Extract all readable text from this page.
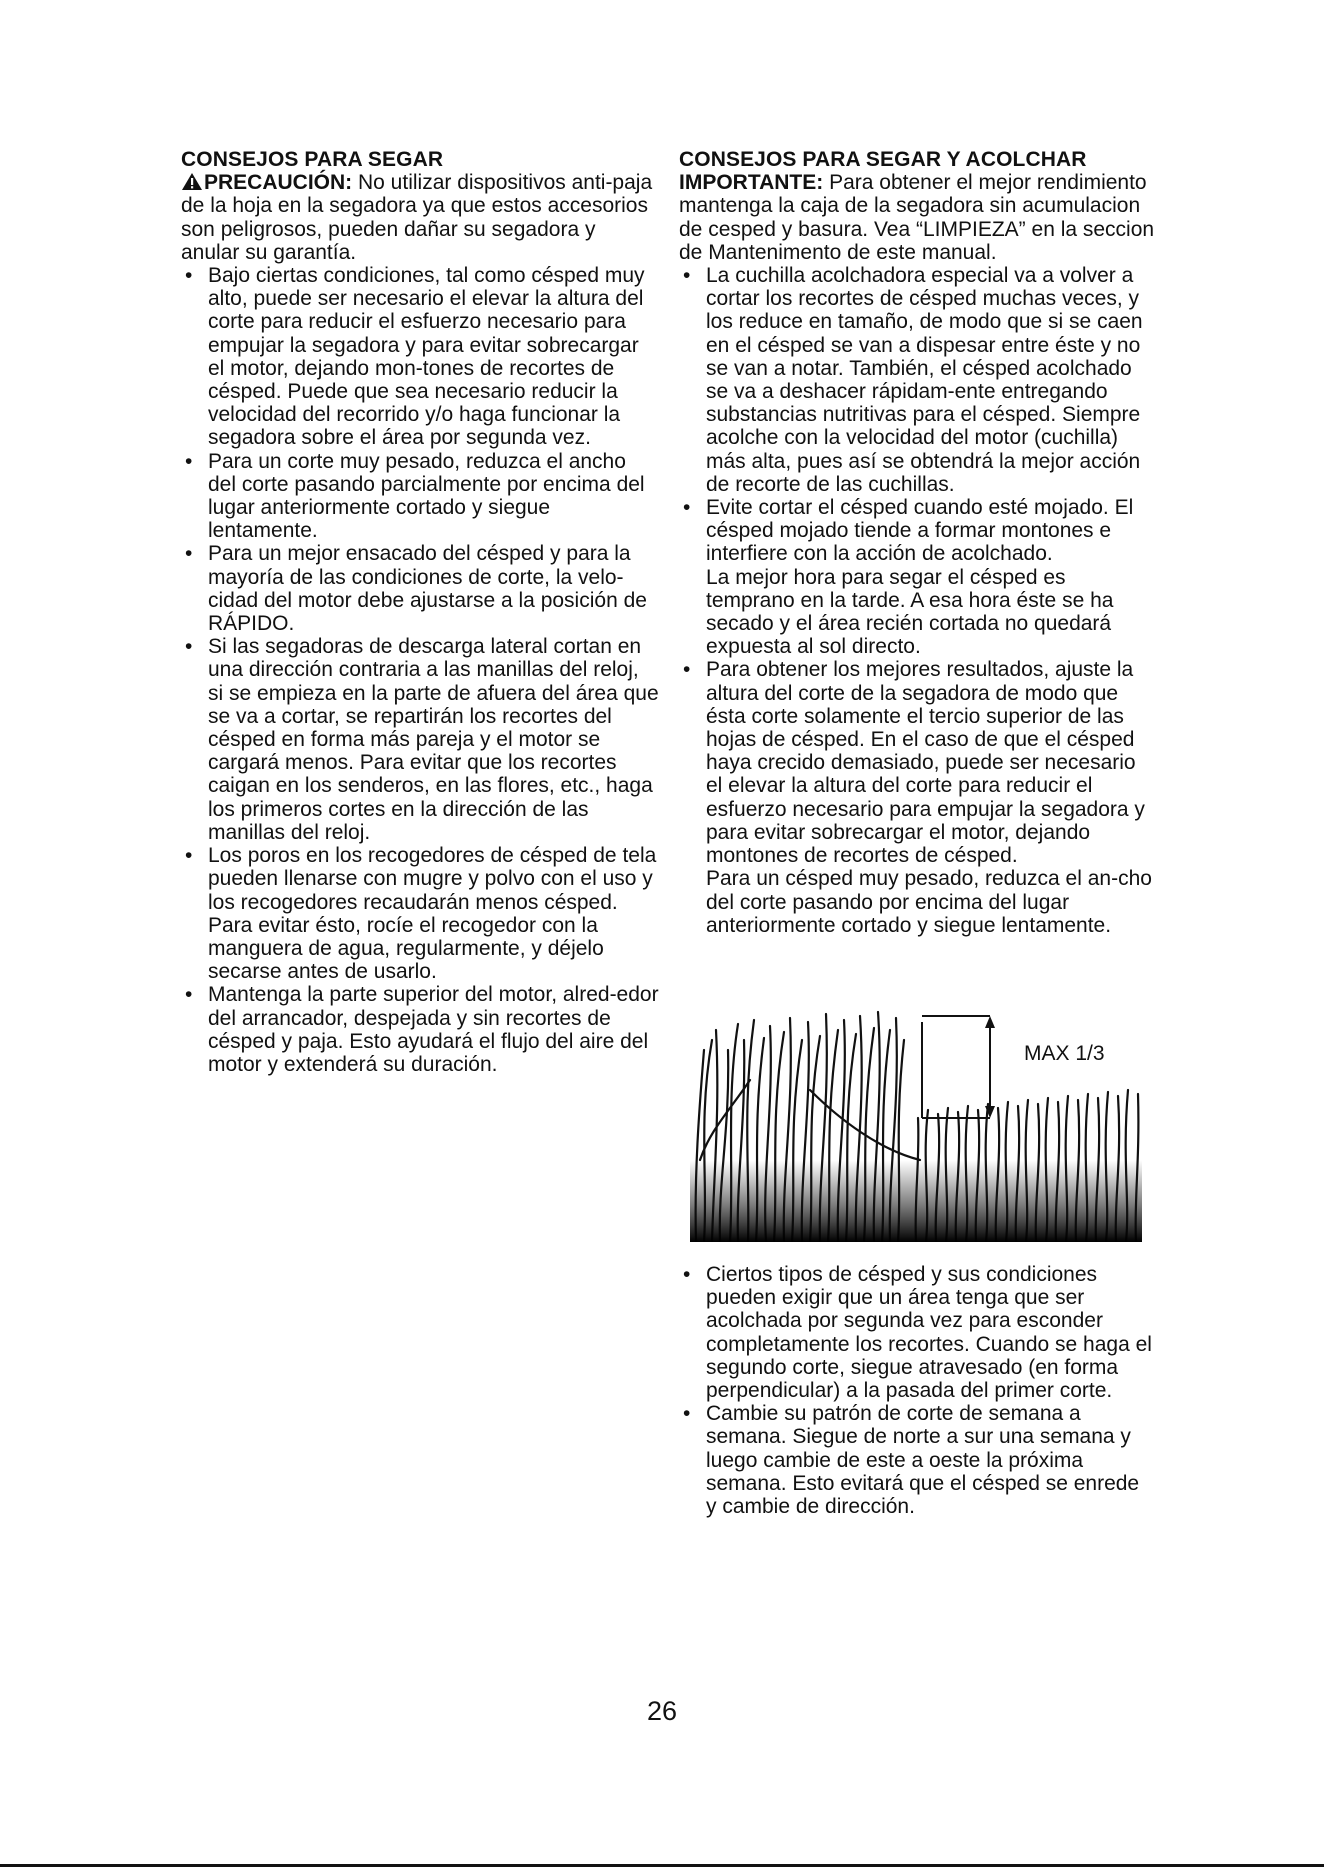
CONSEJOS PARA SEGAR

PRECAUCIÓN: No utilizar dispositivos anti-paja de la hoja en la segadora ya que estos accesorios son peligrosos, pueden dañar su segadora y anular su garantía.

• Bajo ciertas condiciones, tal como césped muy alto, puede ser necesario el elevar la altura del corte para reducir el esfuerzo necesario para empujar la segadora y para evitar sobrecargar el motor, dejando mon-tones de recortes de césped. Puede que sea necesario reducir la velocidad del recorrido y/o haga funcionar la segadora sobre el área por segunda vez.
• Para un corte muy pesado, reduzca el ancho del corte pasando parcialmente por encima del lugar anteriormente cortado y siegue lentamente.
• Para un mejor ensacado del césped y para la mayoría de las condiciones de corte, la velo-cidad del motor debe ajustarse a la posición de RÁPIDO.
• Si las segadoras de descarga lateral cortan en una dirección contraria a las manillas del reloj, si se empieza en la parte de afuera del área que se va a cortar, se repartirán los recortes del césped en forma más pareja y el motor se cargará menos. Para evitar que los recortes caigan en los senderos, en las flores, etc., haga los primeros cortes en la dirección de las manillas del reloj.
• Los poros en los recogedores de césped de tela pueden llenarse con mugre y polvo con el uso y los recogedores recaudarán menos césped. Para evitar ésto, rocíe el recogedor con la manguera de agua, regularmente, y déjelo secarse antes de usarlo.
• Mantenga la parte superior del motor, alred-edor del arrancador, despejada y sin recortes de césped y paja. Esto ayudará el flujo del aire del motor y extenderá su duración.
CONSEJOS PARA SEGAR Y ACOLCHAR

IMPORTANTE: Para obtener el mejor rendimiento mantenga la caja de la segadora sin acumulacion de cesped y basura. Vea “LIMPIEZA” en la seccion de Mantenimento de este manual.

• La cuchilla acolchadora especial va a volver a cortar los recortes de césped muchas veces, y los reduce en tamaño, de modo que si se caen en el césped se van a dispesar entre éste y no se van a notar. También, el césped acolchado se va a deshacer rápidam-ente entregando substancias nutritivas para el césped. Siempre acolche con la velocidad del motor (cuchilla) más alta, pues así se obtendrá la mejor acción de recorte de las cuchillas.
• Evite cortar el césped cuando esté mojado. El césped mojado tiende a formar montones e interfiere con la acción de acolchado.
La mejor hora para segar el césped es temprano en la tarde. A esa hora éste se ha secado y el área recién cortada no quedará expuesta al sol directo.
• Para obtener los mejores resultados, ajuste la altura del corte de la segadora de modo que ésta corte solamente el tercio superior de las hojas de césped. En el caso de que el césped haya crecido demasiado, puede ser necesario el elevar la altura del corte para reducir el esfuerzo necesario para empujar la segadora y para evitar sobrecargar el motor, dejando montones de recortes de césped.
Para un césped muy pesado, reduzca el an-cho del corte pasando por encima del lugar anteriormente cortado y siegue lentamente.
MAX 1/3
• Ciertos tipos de césped y sus condiciones pueden exigir que un área tenga que ser acolchada por segunda vez para esconder completamente los recortes. Cuando se haga el segundo corte, siegue atravesado (en forma perpendicular) a la pasada del primer corte.
• Cambie su patrón de corte de semana a semana. Siegue de norte a sur una semana y luego cambie de este a oeste la próxima semana. Esto evitará que el césped se enrede y cambie de dirección.
26
